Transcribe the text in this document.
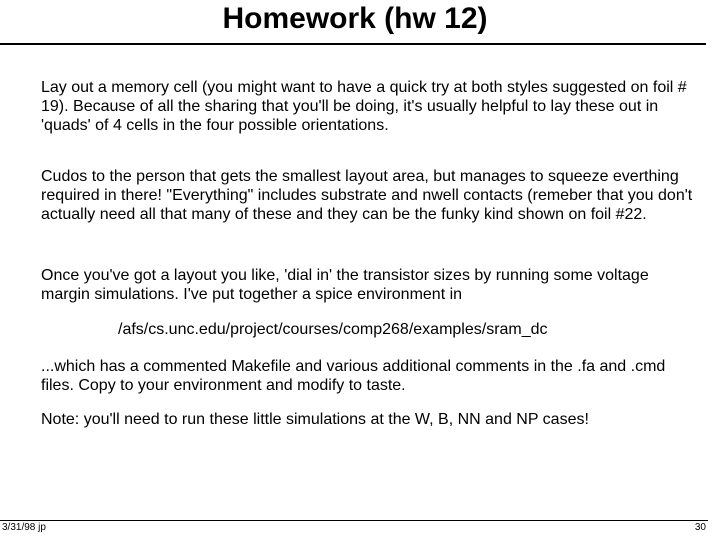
Homework (hw 12)

Lay out a memory cell (you might want to have a quick try at both styles suggested on foil # 19). Because of all the sharing that you'll be doing, it's usually helpful to lay these out in 'quads' of 4 cells in the four possible orientations.

Cudos to the person that gets the smallest layout area, but manages to squeeze everthing required in there! "Everything" includes substrate and nwell contacts (remeber that you don't actually need all that many of these and they can be the funky kind shown on foil #22.

Once you've got a layout you like, 'dial in' the transistor sizes by running some voltage margin simulations. I've put together a spice environment in

/afs/cs.unc.edu/project/courses/comp268/examples/sram_dc

...which has a commented Makefile and various additional comments in the .fa and .cmd files. Copy to your environment and modify to taste.

Note: you'll need to run these little simulations at the W, B, NN and NP cases!

3/31/98 jp	30
